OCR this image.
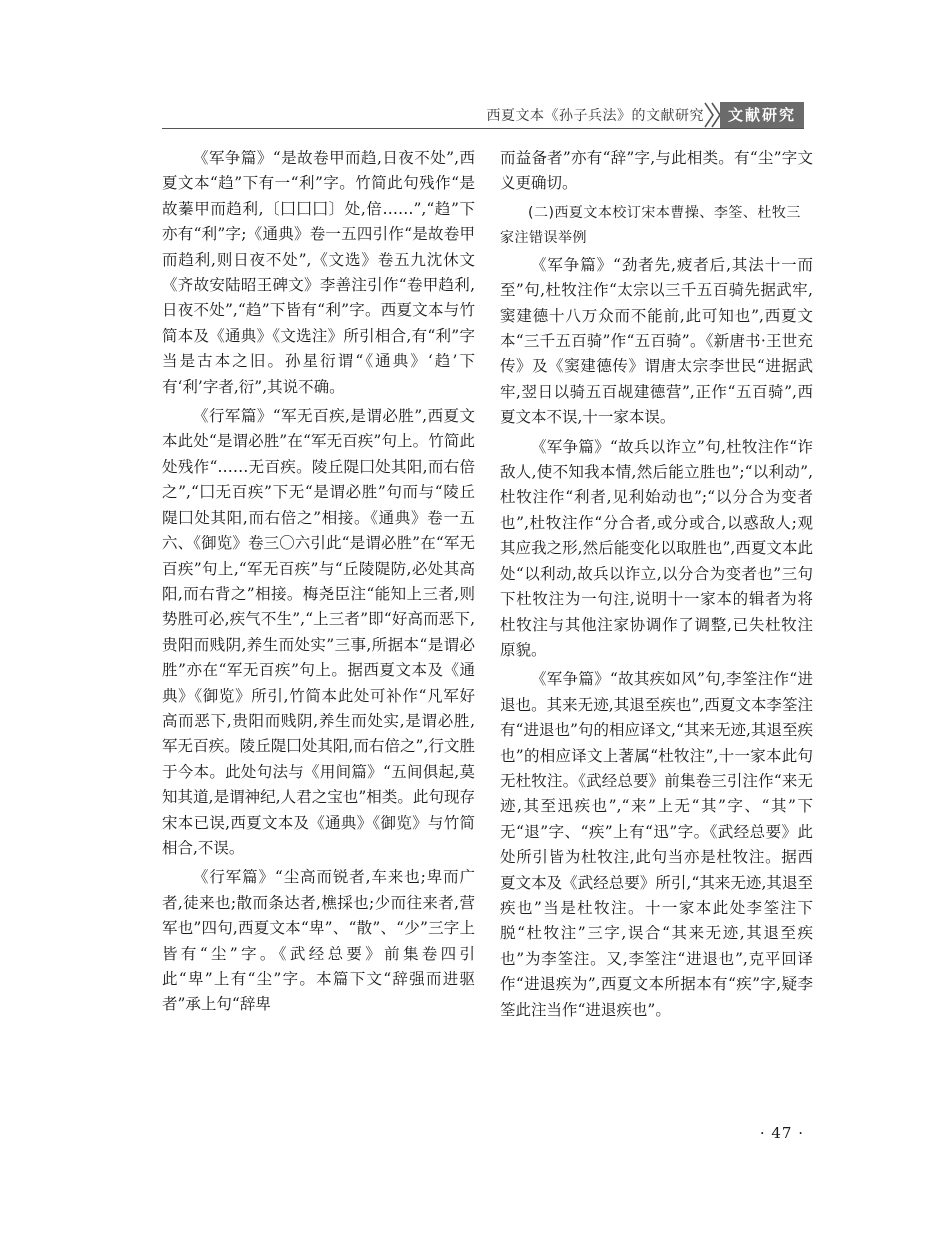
西夏文本《孙子兵法》的文献研究	文献研究

《军争篇》“是故卷甲而趋,日夜不处”,西夏文本“趋”下有一“利”字。竹简此句残作“是故蓁甲而趋利,〔囗囗囗〕处,倍……”,“趋”下亦有“利”字;《通典》卷一五四引作“是故卷甲而趋利,则日夜不处”,《文选》卷五九沈休文《齐故安陆昭王碑文》李善注引作“卷甲趋利,日夜不处”,“趋”下皆有“利”字。西夏文本与竹简本及《通典》《文选注》所引相合,有“利”字当是古本之旧。孙星衍谓“《通典》‘趋’下有‘利’字者,衍”,其说不确。

《行军篇》“军无百疾,是谓必胜”,西夏文本此处“是谓必胜”在“军无百疾”句上。竹简此处残作“……无百疾。陵丘隄囗处其阳,而右倍之”,“囗无百疾”下无“是谓必胜”句而与“陵丘隄囗处其阳,而右倍之”相接。《通典》卷一五六、《御览》卷三〇六引此“是谓必胜”在“军无百疾”句上,“军无百疾”与“丘陵隄防,必处其高阳,而右背之”相接。梅尧臣注“能知上三者,则势胜可必,疾气不生”,“上三者”即“好高而恶下,贵阳而贱阴,养生而处实”三事,所据本“是谓必胜”亦在“军无百疾”句上。据西夏文本及《通典》《御览》所引,竹简本此处可补作“凡军好高而恶下,贵阳而贱阴,养生而处实,是谓必胜,军无百疾。陵丘隄囗处其阳,而右倍之”,行文胜于今本。此处句法与《用间篇》“五间俱起,莫知其道,是谓神纪,人君之宝也”相类。此句现存宋本已误,西夏文本及《通典》《御览》与竹简相合,不误。

《行军篇》“尘高而锐者,车来也;卑而广者,徒来也;散而条达者,樵採也;少而往来者,营军也”四句,西夏文本“卑”、“散”、“少”三字上皆有“尘”字。《武经总要》前集卷四引此“卑”上有“尘”字。本篇下文“辞强而进驱者”承上句“辞卑

而益备者”亦有“辞”字,与此相类。有“尘”字文义更确切。

(二)西夏文本校订宋本曹操、李筌、杜牧三家注错误举例

《军争篇》“劲者先,疲者后,其法十一而至”句,杜牧注作“太宗以三千五百骑先据武牢,窦建德十八万众而不能前,此可知也”,西夏文本“三千五百骑”作“五百骑”。《新唐书·王世充传》及《窦建德传》谓唐太宗李世民“进据武牢,翌日以骑五百觇建德营”,正作“五百骑”,西夏文本不误,十一家本误。

《军争篇》“故兵以诈立”句,杜牧注作“诈敌人,使不知我本情,然后能立胜也”;“以利动”,杜牧注作“利者,见利始动也”;“以分合为变者也”,杜牧注作“分合者,或分或合,以惑敌人;观其应我之形,然后能变化以取胜也”,西夏文本此处“以利动,故兵以诈立,以分合为变者也”三句下杜牧注为一句注,说明十一家本的辑者为将杜牧注与其他注家协调作了调整,已失杜牧注原貌。

《军争篇》“故其疾如风”句,李筌注作“进退也。其来无迹,其退至疾也”,西夏文本李筌注有“进退也”句的相应译文,“其来无迹,其退至疾也”的相应译文上著属“杜牧注”,十一家本此句无杜牧注。《武经总要》前集卷三引注作“来无迹,其至迅疾也”,“来”上无“其”字、“其”下无“退”字、“疾”上有“迅”字。《武经总要》此处所引皆为杜牧注,此句当亦是杜牧注。据西夏文本及《武经总要》所引,“其来无迹,其退至疾也”当是杜牧注。十一家本此处李筌注下脱“杜牧注”三字,误合“其来无迹,其退至疾也”为李筌注。又,李筌注“进退也”,克平回译作“进退疾为”,西夏文本所据本有“疾”字,疑李筌此注当作“进退疾也”。

· 47 ·
